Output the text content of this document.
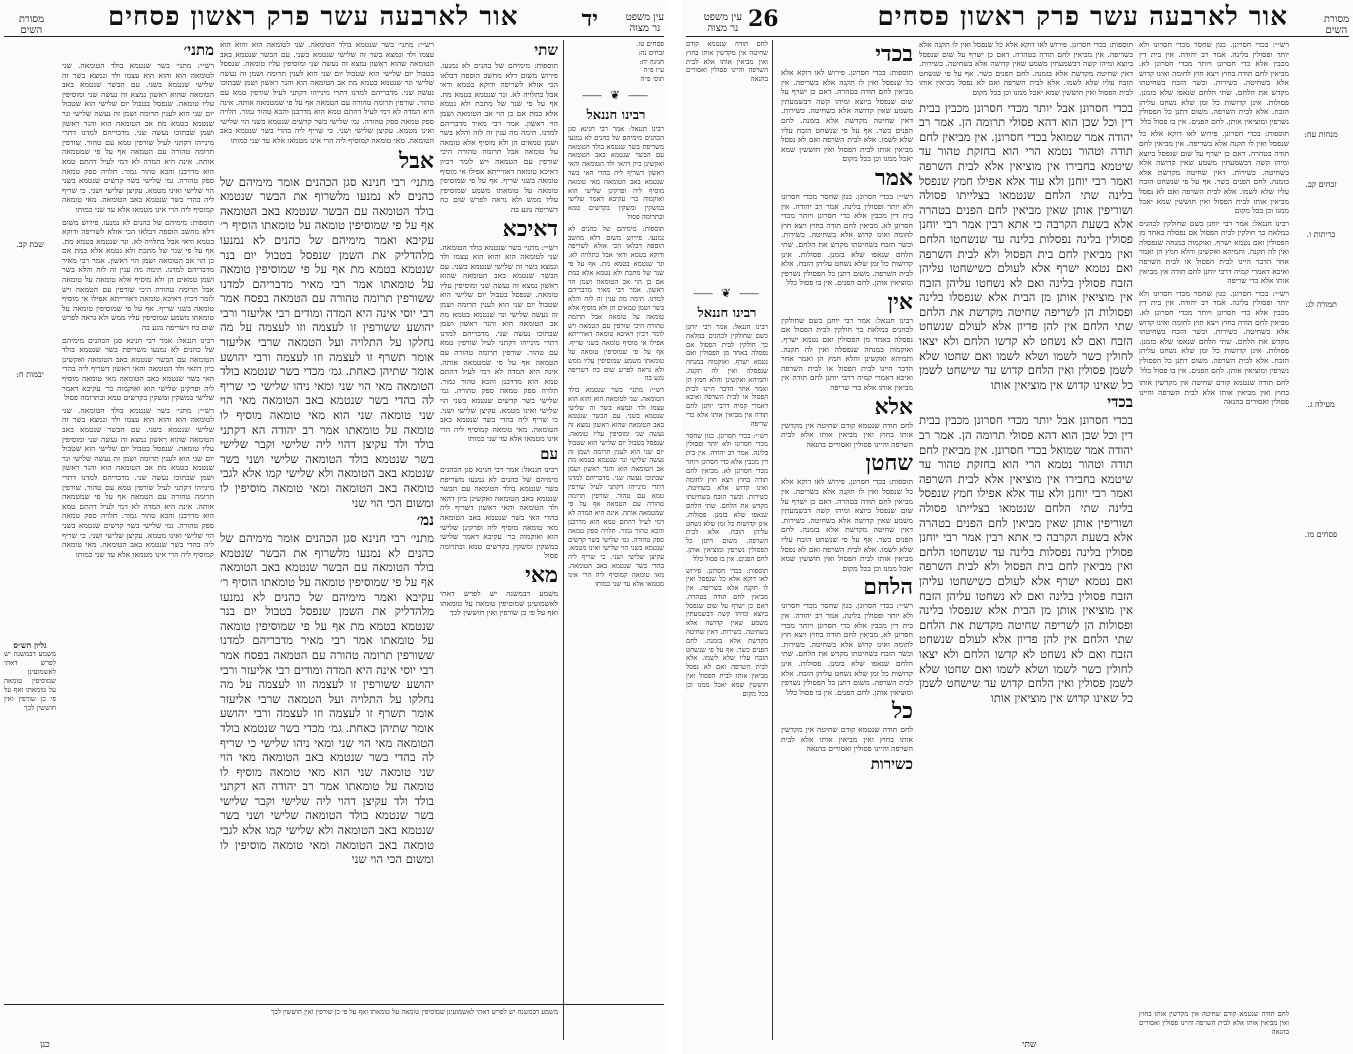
עין משפט
נר מצוה
יד
אור לארבעה עשר פרק ראשון פסחים
מסורת
השים
פסחים טו.
זבחים נה:
חגיגה יח:
ע״ז פ״ה
תוס׳ פ״ה
⸺ ❦ ⸺
רבינו חננאל
רבינו חננאל: אמר רבי חנינא סגן הכהנים מימיהם של כהנים לא נמנעו משריפת בשר שנטמא בולד הטומאה עם הבשר שנטמא באב הטומאה ואקשינן כיון דהאי ולד הטומאה והאי ראשון דשריף ליה בהדי האי בשר שנטמא באב הטומאה מאי טומאה מוסיף ליה ופרקינן שלישי הוא ואוקמוה כר׳ עקיבא דאמר שלישי במשקין ומשקין בקדשים טמא ובתרומה פסול
תוספות: מימיהם של כהנים לא נמנעו. פירוש משום דלא מחשב הוספה דבלאו הכי אזלא לשריפה ודוקא בטמא ודאי אבל בתלויה לא. ונר שנטמא בטמא מת. אף על פי שנר של מתכת ולא נטמא אלא במת אם כן הוי אב הטומאה ושמן הוי ראשון. אמר רבי מאיר מדבריהם למדנו. תימה מה ענין זה לזה והלא בשר ושמן טמאים הן ולא מוסיף אלא טומאה על טומאה אבל תרומה טהורה היכי שורפין עם הטמאה ויש לומר דכיון דאיכא טומאה דאורייתא אפילו אי מוסיף טומאה בשני שריף. אף על פי שמוסיפין טומאה על טומאתו משמע שמוסיפין עליו ממש ולא נראה לפרש שום כח דשריפה נוגע בה
רש״י: מתני׳ בשר שנטמא בולד הטומאה. שני לטומאה הוא והוא הוא עצמו ולד ונמצא בשר זה שלישי שנטמא בשני. עם הבשר שנטמא באב הטומאה שהוא ראשון נמצא זה נעשה שני ומוסיפין עליו טומאה. שנפסל בטבול יום שלישי הוא שטבול יום שני הוא לענין תרומה ושמן זה נעשה שלישי ונר שנטמא בטמא מת אב הטומאה הוא והנר ראשון ושמן שבתוכו נעשה שני. מדבריהם למדנו דתרי מינייהו דקתני לעיל שורפין טמא עם טהור. שורפין תרומה טהורה עם הטמאה אף על פי שמטמאה אותה. אינה היא המדה לא דמי לעיל דהתם טמא הוא מדרבנן והכא טהור גמור. תלויה ספק טמאה ספק טהורה. גמ׳ שלישי בשר קדשים שנטמא בשני הוי שלישי ואינו מטמא. עקיצן שלישי ושני. כי שריף ליה בהדי בשר שנטמא באב הטומאה. מאי טומאה קמוסיף ליה הרי אינו מטמאו אלא עד שני כמותו
שתי
תוספות: מימיהם של כהנים לא נמנעו. פירוש משום דלא מחשב הוספה דבלאו הכי אזלא לשריפה ודוקא בטמא ודאי אבל בתלויה לא. ונר שנטמא בטמא מת. אף על פי שנר של מתכת ולא נטמא אלא במת אם כן הוי אב הטומאה ושמן הוי ראשון. אמר רבי מאיר מדבריהם למדנו. תימה מה ענין זה לזה והלא בשר ושמן טמאים הן ולא מוסיף אלא טומאה על טומאה אבל תרומה טהורה היכי שורפין עם הטמאה ויש לומר דכיון דאיכא טומאה דאורייתא אפילו אי מוסיף טומאה בשני שריף. אף על פי שמוסיפין טומאה על טומאתו משמע שמוסיפין עליו ממש ולא נראה לפרש שום כח דשריפה נוגע בה
דאיכא
רש״י: מתני׳ בשר שנטמא בולד הטומאה. שני לטומאה הוא והוא הוא עצמו ולד ונמצא בשר זה שלישי שנטמא בשני. עם הבשר שנטמא באב הטומאה שהוא ראשון נמצא זה נעשה שני ומוסיפין עליו טומאה. שנפסל בטבול יום שלישי הוא שטבול יום שני הוא לענין תרומה ושמן זה נעשה שלישי ונר שנטמא בטמא מת אב הטומאה הוא והנר ראשון ושמן שבתוכו נעשה שני. מדבריהם למדנו דתרי מינייהו דקתני לעיל שורפין טמא עם טהור. שורפין תרומה טהורה עם הטמאה אף על פי שמטמאה אותה. אינה היא המדה לא דמי לעיל דהתם טמא הוא מדרבנן והכא טהור גמור. תלויה ספק טמאה ספק טהורה. גמ׳ שלישי בשר קדשים שנטמא בשני הוי שלישי ואינו מטמא. עקיצן שלישי ושני. כי שריף ליה בהדי בשר שנטמא באב הטומאה. מאי טומאה קמוסיף ליה הרי אינו מטמאו אלא עד שני כמותו
עם
רבינו חננאל: אמר רבי חנינא סגן הכהנים מימיהם של כהנים לא נמנעו משריפת בשר שנטמא בולד הטומאה עם הבשר שנטמא באב הטומאה ואקשינן כיון דהאי ולד הטומאה והאי ראשון דשריף ליה בהדי האי בשר שנטמא באב הטומאה מאי טומאה מוסיף ליה ופרקינן שלישי הוא ואוקמוה כר׳ עקיבא דאמר שלישי במשקין ומשקין בקדשים טמא ובתרומה פסול
מאי
משמע דבמשנה יש לפרש דאתי לאשמועינן שמוסיפין טומאה על טומאתו ואף על פי כן שורפין ואין חוששין לכך
רש״י: מתני׳ בשר שנטמא בולד הטומאה. שני לטומאה הוא והוא הוא עצמו ולד ונמצא בשר זה שלישי שנטמא בשני. עם הבשר שנטמא באב הטומאה שהוא ראשון נמצא זה נעשה שני ומוסיפין עליו טומאה. שנפסל בטבול יום שלישי הוא שטבול יום שני הוא לענין תרומה ושמן זה נעשה שלישי ונר שנטמא בטמא מת אב הטומאה הוא והנר ראשון ושמן שבתוכו נעשה שני. מדבריהם למדנו דתרי מינייהו דקתני לעיל שורפין טמא עם טהור. שורפין תרומה טהורה עם הטמאה אף על פי שמטמאה אותה. אינה היא המדה לא דמי לעיל דהתם טמא הוא מדרבנן והכא טהור גמור. תלויה ספק טמאה ספק טהורה. גמ׳ שלישי בשר קדשים שנטמא בשני הוי שלישי ואינו מטמא. עקיצן שלישי ושני. כי שריף ליה בהדי בשר שנטמא באב הטומאה. מאי טומאה קמוסיף ליה הרי אינו מטמאו אלא עד שני כמותו
אבל
מתני׳ רבי חנינא סגן הכהנים אומר מימיהם של כהנים לא נמנעו מלשרוף את הבשר שנטמא בולד הטומאה עם הבשר שנטמא באב הטומאה אף על פי שמוסיפין טומאה על טומאתו הוסיף ר׳ עקיבא ואמר מימיהם של כהנים לא נמנעו מלהדליק את השמן שנפסל בטבול יום בנר שנטמא בטמא מת אף על פי שמוסיפין טומאה על טומאתו אמר רבי מאיר מדבריהם למדנו ששורפין תרומה טהורה עם הטמאה בפסח אמר רבי יוסי אינה היא המדה ומודים רבי אליעזר ורבי יהושע ששורפין זו לעצמה וזו לעצמה על מה נחלקו על התלויה ועל הטמאה שרבי אליעזר אומר תשרף זו לעצמה וזו לעצמה ורבי יהושע אומר שתיהן כאחת. גמ׳ מכדי בשר שנטמא בולד הטומאה מאי הוי שני ומאי ניהו שלישי כי שריף לה בהדי בשר שנטמא באב הטומאה מאי הוי שני טומאה שני הוא מאי טומאה מוסיף לו טומאה על טומאתו אמר רב יהודה הא דקתני בולד ולד עקיצן דהוי ליה שלישי וקבר שלישי בשר שנטמא בולד הטומאה שלישי ושני בשר שנטמא באב הטומאה ולא שלישי קמו אלא לגבי טומאה באב הטומאה ומאי טומאה מוסיפין לו ומשום הכי הוי שני
נמ׳
מתני׳ רבי חנינא סגן הכהנים אומר מימיהם של כהנים לא נמנעו מלשרוף את הבשר שנטמא בולד הטומאה עם הבשר שנטמא באב הטומאה אף על פי שמוסיפין טומאה על טומאתו הוסיף ר׳ עקיבא ואמר מימיהם של כהנים לא נמנעו מלהדליק את השמן שנפסל בטבול יום בנר שנטמא בטמא מת אף על פי שמוסיפין טומאה על טומאתו אמר רבי מאיר מדבריהם למדנו ששורפין תרומה טהורה עם הטמאה בפסח אמר רבי יוסי אינה היא המדה ומודים רבי אליעזר ורבי יהושע ששורפין זו לעצמה וזו לעצמה על מה נחלקו על התלויה ועל הטמאה שרבי אליעזר אומר תשרף זו לעצמה וזו לעצמה ורבי יהושע אומר שתיהן כאחת. גמ׳ מכדי בשר שנטמא בולד הטומאה מאי הוי שני ומאי ניהו שלישי כי שריף לה בהדי בשר שנטמא באב הטומאה מאי הוי שני טומאה שני הוא מאי טומאה מוסיף לו טומאה על טומאתו אמר רב יהודה הא דקתני בולד ולד עקיצן דהוי ליה שלישי וקבר שלישי בשר שנטמא בולד הטומאה שלישי ושני בשר שנטמא באב הטומאה ולא שלישי קמו אלא לגבי טומאה באב הטומאה ומאי טומאה מוסיפין לו ומשום הכי הוי שני
מתני׳
רש״י: מתני׳ בשר שנטמא בולד הטומאה. שני לטומאה הוא והוא הוא עצמו ולד ונמצא בשר זה שלישי שנטמא בשני. עם הבשר שנטמא באב הטומאה שהוא ראשון נמצא זה נעשה שני ומוסיפין עליו טומאה. שנפסל בטבול יום שלישי הוא שטבול יום שני הוא לענין תרומה ושמן זה נעשה שלישי ונר שנטמא בטמא מת אב הטומאה הוא והנר ראשון ושמן שבתוכו נעשה שני. מדבריהם למדנו דתרי מינייהו דקתני לעיל שורפין טמא עם טהור. שורפין תרומה טהורה עם הטמאה אף על פי שמטמאה אותה. אינה היא המדה לא דמי לעיל דהתם טמא הוא מדרבנן והכא טהור גמור. תלויה ספק טמאה ספק טהורה. גמ׳ שלישי בשר קדשים שנטמא בשני הוי שלישי ואינו מטמא. עקיצן שלישי ושני. כי שריף ליה בהדי בשר שנטמא באב הטומאה. מאי טומאה קמוסיף ליה הרי אינו מטמאו אלא עד שני כמותו
תוספות: מימיהם של כהנים לא נמנעו. פירוש משום דלא מחשב הוספה דבלאו הכי אזלא לשריפה ודוקא בטמא ודאי אבל בתלויה לא. ונר שנטמא בטמא מת. אף על פי שנר של מתכת ולא נטמא אלא במת אם כן הוי אב הטומאה ושמן הוי ראשון. אמר רבי מאיר מדבריהם למדנו. תימה מה ענין זה לזה והלא בשר ושמן טמאים הן ולא מוסיף אלא טומאה על טומאה אבל תרומה טהורה היכי שורפין עם הטמאה ויש לומר דכיון דאיכא טומאה דאורייתא אפילו אי מוסיף טומאה בשני שריף. אף על פי שמוסיפין טומאה על טומאתו משמע שמוסיפין עליו ממש ולא נראה לפרש שום כח דשריפה נוגע בה
רבינו חננאל: אמר רבי חנינא סגן הכהנים מימיהם של כהנים לא נמנעו משריפת בשר שנטמא בולד הטומאה עם הבשר שנטמא באב הטומאה ואקשינן כיון דהאי ולד הטומאה והאי ראשון דשריף ליה בהדי האי בשר שנטמא באב הטומאה מאי טומאה מוסיף ליה ופרקינן שלישי הוא ואוקמוה כר׳ עקיבא דאמר שלישי במשקין ומשקין בקדשים טמא ובתרומה פסול
רש״י: מתני׳ בשר שנטמא בולד הטומאה. שני לטומאה הוא והוא הוא עצמו ולד ונמצא בשר זה שלישי שנטמא בשני. עם הבשר שנטמא באב הטומאה שהוא ראשון נמצא זה נעשה שני ומוסיפין עליו טומאה. שנפסל בטבול יום שלישי הוא שטבול יום שני הוא לענין תרומה ושמן זה נעשה שלישי ונר שנטמא בטמא מת אב הטומאה הוא והנר ראשון ושמן שבתוכו נעשה שני. מדבריהם למדנו דתרי מינייהו דקתני לעיל שורפין טמא עם טהור. שורפין תרומה טהורה עם הטמאה אף על פי שמטמאה אותה. אינה היא המדה לא דמי לעיל דהתם טמא הוא מדרבנן והכא טהור גמור. תלויה ספק טמאה ספק טהורה. גמ׳ שלישי בשר קדשים שנטמא בשני הוי שלישי ואינו מטמא. עקיצן שלישי ושני. כי שריף ליה בהדי בשר שנטמא באב הטומאה. מאי טומאה קמוסיף ליה הרי אינו מטמאו אלא עד שני כמותו
שבת קב.
יבמות ח:
גליון הש״ס
משמע דבמשנה יש לפרש דאתי לאשמועינן שמוסיפין טומאה על טומאתו ואף על פי כן שורפין ואין חוששין לכך
משמע דבמשנה יש לפרש דאתי לאשמועינן שמוסיפין טומאה על טומאתו ואף על פי כן שורפין ואין חוששין לכך
כנן
עין משפט
נר מצוה	אור לארבעה עשר פרק ראשון פסחים
26	מסורת
השים
מנחות עח:
זבחים קב.
כריתות ו.
תמורה לג:
מעילה ג.
פסחים מו.
רש״י: בכדי חסרונן. כגון שחסר מכדי חסרונו ולא יותר ופסולין בלינה. אמר רב יהודה. אין בית דין מכבין אלא כדי חסרונן ויותר מכדי חסרונן לא. מביאין לחם תודה בחוץ ויצא חוץ לחומה ואינו קדוש אלא בשחיטה. כשירות. וכשר הזבח בשחיטתו מקדש את הלחם. שתי הלחם שנאפו שלא בזמנן. פסולות. אינן קדושות כל זמן שלא נשחט עליהן הזבח. אלא לבית השרפה. משום דתנן כל הפסולין נשרפין ומוציאין אותן. לחם הפנים. אין בו פסול כלל
תוספות: בכדי חסרונן. פירוש לאו דוקא אלא כל שנפסל ואין לו תקנה אלא בשריפה. אין מביאין לחם תודה בטהרה. דאם כן ישרף על שום שנפסל ביוצא ומיהו קשה דבשמעתין משמע שאין קדושה אלא בשחיטה. כשירות. דאין שחיטה מקדשת אלא בזמנה. לחם הפנים כשר. אף על פי שנשחט הזבח עליו שלא לשמו. אלא לבית השרפה ואם לא נפסל מביאין אותו לבית הפסול ואין חוששין שמא יאכל ממנו וכן בכל מקום
רבינו חננאל: אמר רבי יוחנן כשם שחולקין לכהנים במלאת כך חולקין לבית הפסול אם נפסלה באחד מן הפסולין ואם נטמא ישרף. ואוקמוה במנחה שנפסלה ואין לה תקנה. ותמיהא ואקשינן והלא חמץ הן ואמר אחר הדבר היינו לבית הפסול או לבית השרפה ואיכא דאמרי קמיה דרבי יוחנן לחם תודה אין מביאין אותו אלא כדי שריפה
רש״י: בכדי חסרונן. כגון שחסר מכדי חסרונו ולא יותר ופסולין בלינה. אמר רב יהודה. אין בית דין מכבין אלא כדי חסרונן ויותר מכדי חסרונן לא. מביאין לחם תודה בחוץ ויצא חוץ לחומה ואינו קדוש אלא בשחיטה. כשירות. וכשר הזבח בשחיטתו מקדש את הלחם. שתי הלחם שנאפו שלא בזמנן. פסולות. אינן קדושות כל זמן שלא נשחט עליהן הזבח. אלא לבית השרפה. משום דתנן כל הפסולין נשרפין ומוציאין אותן. לחם הפנים. אין בו פסול כלל
לחם תודה שנטמא קודם שחיטה אין מקדשין אותו בחוץ ואין מביאין אותו אלא לבית השרפה והיינו פסולין ואסורים בהנאה
תוספות: בכדי חסרונן. פירוש לאו דוקא אלא כל שנפסל ואין לו תקנה אלא בשריפה. אין מביאין לחם תודה בטהרה. דאם כן ישרף על שום שנפסל ביוצא ומיהו קשה דבשמעתין משמע שאין קדושה אלא בשחיטה. כשירות. דאין שחיטה מקדשת אלא בזמנה. לחם הפנים כשר. אף על פי שנשחט הזבח עליו שלא לשמו. אלא לבית השרפה ואם לא נפסל מביאין אותו לבית הפסול ואין חוששין שמא יאכל ממנו וכן בכל מקום
בכדי חסרונן אבל יותר מכדי חסרונן מכבין בבית דין וכל שכן הוא דהא פסולי תרומה הן. אמר רב יהודה אמר שמואל בכדי חסרונן. אין מביאין לחם תודה וטהור נטמא הרי הוא בחזקת טהור עד שיטמא בחבירו אין מוציאין אלא לבית השרפה ואמר רבי יוחנן ולא עוד אלא אפילו חמץ שנפסל בלינה שתי הלחם שנטמאו בצלייתו פסולה ושוריפין אותן שאין מביאין לחם הפנים בטהרה אלא בשעת הקרבה כי אתא רבין אמר רבי יוחנן פסולין בלינה נפסלות בלינה עד שנשחטו הלחם ואין מביאין לחם בית הפסול ולא לבית השרפה ואם נטמא ישרף אלא לעולם כשישחטו עליהן הזבח פסולין בלינה ואם לא נשחטו עליהן הזבח אין מוציאין אותן מן הבית אלא שנפסלו בלינה ופסולות הן לשריפה שחיטה מקדשת את הלחם שתי הלחם אין להן פדיון אלא לעולם שנשחט הזבח ואם לא נשחט לא קדשו הלחם ולא יצאו לחולין כשר לשמו ושלא לשמו ואם שחטו שלא לשמן פסולין ואין הלחם קדוש עד שישחט לשמן כל שאינו קדוש אין מוציאין אותו
בכדי
בכדי חסרונן אבל יותר מכדי חסרונן מכבין בבית דין וכל שכן הוא דהא פסולי תרומה הן. אמר רב יהודה אמר שמואל בכדי חסרונן. אין מביאין לחם תודה וטהור נטמא הרי הוא בחזקת טהור עד שיטמא בחבירו אין מוציאין אלא לבית השרפה ואמר רבי יוחנן ולא עוד אלא אפילו חמץ שנפסל בלינה שתי הלחם שנטמאו בצלייתו פסולה ושוריפין אותן שאין מביאין לחם הפנים בטהרה אלא בשעת הקרבה כי אתא רבין אמר רבי יוחנן פסולין בלינה נפסלות בלינה עד שנשחטו הלחם ואין מביאין לחם בית הפסול ולא לבית השרפה ואם נטמא ישרף אלא לעולם כשישחטו עליהן הזבח פסולין בלינה ואם לא נשחטו עליהן הזבח אין מוציאין אותן מן הבית אלא שנפסלו בלינה ופסולות הן לשריפה שחיטה מקדשת את הלחם שתי הלחם אין להן פדיון אלא לעולם שנשחט הזבח ואם לא נשחט לא קדשו הלחם ולא יצאו לחולין כשר לשמו ושלא לשמו ואם שחטו שלא לשמן פסולין ואין הלחם קדוש עד שישחט לשמן כל שאינו קדוש אין מוציאין אותו
בכדי
תוספות: בכדי חסרונן. פירוש לאו דוקא אלא כל שנפסל ואין לו תקנה אלא בשריפה. אין מביאין לחם תודה בטהרה. דאם כן ישרף על שום שנפסל ביוצא ומיהו קשה דבשמעתין משמע שאין קדושה אלא בשחיטה. כשירות. דאין שחיטה מקדשת אלא בזמנה. לחם הפנים כשר. אף על פי שנשחט הזבח עליו שלא לשמו. אלא לבית השרפה ואם לא נפסל מביאין אותו לבית הפסול ואין חוששין שמא יאכל ממנו וכן בכל מקום
אמר
רש״י: בכדי חסרונן. כגון שחסר מכדי חסרונו ולא יותר ופסולין בלינה. אמר רב יהודה. אין בית דין מכבין אלא כדי חסרונן ויותר מכדי חסרונן לא. מביאין לחם תודה בחוץ ויצא חוץ לחומה ואינו קדוש אלא בשחיטה. כשירות. וכשר הזבח בשחיטתו מקדש את הלחם. שתי הלחם שנאפו שלא בזמנן. פסולות. אינן קדושות כל זמן שלא נשחט עליהן הזבח. אלא לבית השרפה. משום דתנן כל הפסולין נשרפין ומוציאין אותן. לחם הפנים. אין בו פסול כלל
אין
רבינו חננאל: אמר רבי יוחנן כשם שחולקין לכהנים במלאת כך חולקין לבית הפסול אם נפסלה באחד מן הפסולין ואם נטמא ישרף. ואוקמוה במנחה שנפסלה ואין לה תקנה. ותמיהא ואקשינן והלא חמץ הן ואמר אחר הדבר היינו לבית הפסול או לבית השרפה ואיכא דאמרי קמיה דרבי יוחנן לחם תודה אין מביאין אותו אלא כדי שריפה
אלא
לחם תודה שנטמא קודם שחיטה אין מקדשין אותו בחוץ ואין מביאין אותו אלא לבית השרפה והיינו פסולין ואסורים בהנאה
שחטן
תוספות: בכדי חסרונן. פירוש לאו דוקא אלא כל שנפסל ואין לו תקנה אלא בשריפה. אין מביאין לחם תודה בטהרה. דאם כן ישרף על שום שנפסל ביוצא ומיהו קשה דבשמעתין משמע שאין קדושה אלא בשחיטה. כשירות. דאין שחיטה מקדשת אלא בזמנה. לחם הפנים כשר. אף על פי שנשחט הזבח עליו שלא לשמו. אלא לבית השרפה ואם לא נפסל מביאין אותו לבית הפסול ואין חוששין שמא יאכל ממנו וכן בכל מקום
הלחם
רש״י: בכדי חסרונן. כגון שחסר מכדי חסרונו ולא יותר ופסולין בלינה. אמר רב יהודה. אין בית דין מכבין אלא כדי חסרונן ויותר מכדי חסרונן לא. מביאין לחם תודה בחוץ ויצא חוץ לחומה ואינו קדוש אלא בשחיטה. כשירות. וכשר הזבח בשחיטתו מקדש את הלחם. שתי הלחם שנאפו שלא בזמנן. פסולות. אינן קדושות כל זמן שלא נשחט עליהן הזבח. אלא לבית השרפה. משום דתנן כל הפסולין נשרפין ומוציאין אותן. לחם הפנים. אין בו פסול כלל
כל
לחם תודה שנטמא קודם שחיטה אין מקדשין אותו בחוץ ואין מביאין אותו אלא לבית השרפה והיינו פסולין ואסורים בהנאה
כשירות
לחם תודה שנטמא קודם שחיטה אין מקדשין אותו בחוץ ואין מביאין אותו אלא לבית השרפה והיינו פסולין ואסורים בהנאה
⸺ ❦ ⸺
רבינו חננאל
רבינו חננאל: אמר רבי יוחנן כשם שחולקין לכהנים במלאת כך חולקין לבית הפסול אם נפסלה באחד מן הפסולין ואם נטמא ישרף. ואוקמוה במנחה שנפסלה ואין לה תקנה. ותמיהא ואקשינן והלא חמץ הן ואמר אחר הדבר היינו לבית הפסול או לבית השרפה ואיכא דאמרי קמיה דרבי יוחנן לחם תודה אין מביאין אותו אלא כדי שריפה
רש״י: בכדי חסרונן. כגון שחסר מכדי חסרונו ולא יותר ופסולין בלינה. אמר רב יהודה. אין בית דין מכבין אלא כדי חסרונן ויותר מכדי חסרונן לא. מביאין לחם תודה בחוץ ויצא חוץ לחומה ואינו קדוש אלא בשחיטה. כשירות. וכשר הזבח בשחיטתו מקדש את הלחם. שתי הלחם שנאפו שלא בזמנן. פסולות. אינן קדושות כל זמן שלא נשחט עליהן הזבח. אלא לבית השרפה. משום דתנן כל הפסולין נשרפין ומוציאין אותן. לחם הפנים. אין בו פסול כלל
תוספות: בכדי חסרונן. פירוש לאו דוקא אלא כל שנפסל ואין לו תקנה אלא בשריפה. אין מביאין לחם תודה בטהרה. דאם כן ישרף על שום שנפסל ביוצא ומיהו קשה דבשמעתין משמע שאין קדושה אלא בשחיטה. כשירות. דאין שחיטה מקדשת אלא בזמנה. לחם הפנים כשר. אף על פי שנשחט הזבח עליו שלא לשמו. אלא לבית השרפה ואם לא נפסל מביאין אותו לבית הפסול ואין חוששין שמא יאכל ממנו וכן בכל מקום
לחם תודה שנטמא קודם שחיטה אין מקדשין אותו בחוץ ואין מביאין אותו אלא לבית השרפה והיינו פסולין ואסורים בהנאה
שתי
